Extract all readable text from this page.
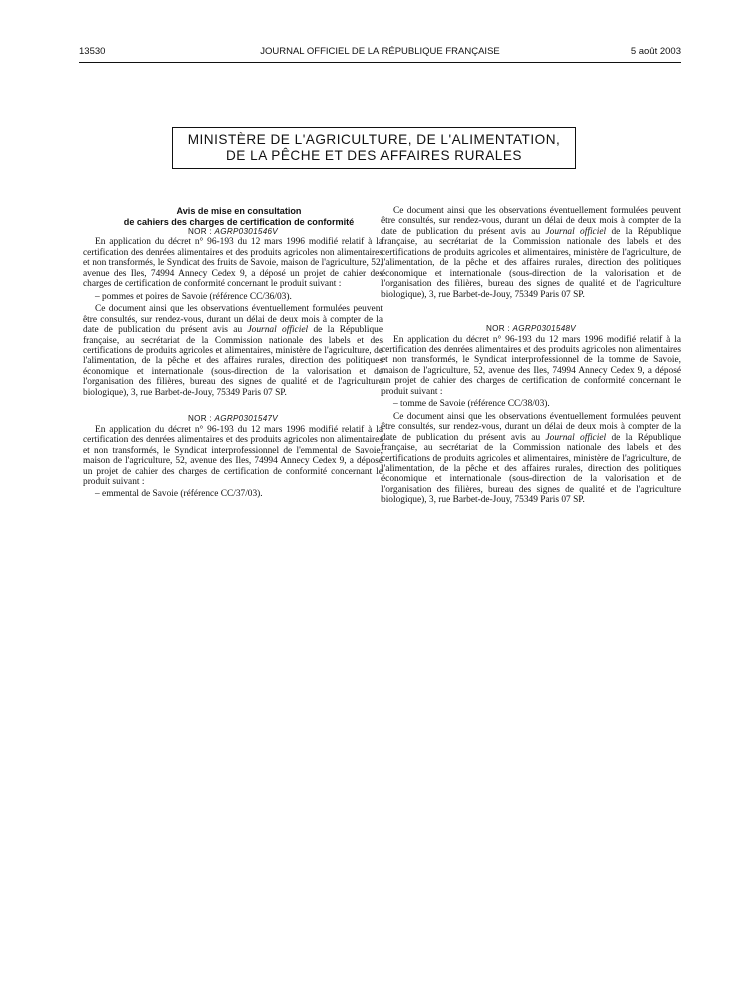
13530	JOURNAL OFFICIEL DE LA RÉPUBLIQUE FRANÇAISE	5 août 2003
MINISTÈRE DE L'AGRICULTURE, DE L'ALIMENTATION,
DE LA PÊCHE ET DES AFFAIRES RURALES

Avis de mise en consultation

de cahiers des charges de certification de conformité

NOR : AGRP0301546V

En application du décret n° 96-193 du 12 mars 1996 modifié relatif à la certification des denrées alimentaires et des produits agricoles non alimentaires et non transformés, le Syndicat des fruits de Savoie, maison de l'agriculture, 52, avenue des Iles, 74994 Annecy Cedex 9, a déposé un projet de cahier des charges de certification de conformité concernant le produit suivant :

– pommes et poires de Savoie (référence CC/36/03).

Ce document ainsi que les observations éventuellement formulées peuvent être consultés, sur rendez-vous, durant un délai de deux mois à compter de la date de publication du présent avis au Journal officiel de la République française, au secrétariat de la Commission nationale des labels et des certifications de produits agricoles et alimentaires, ministère de l'agriculture, de l'alimentation, de la pêche et des affaires rurales, direction des politiques économique et internationale (sous-direction de la valorisation et de l'organisation des filières, bureau des signes de qualité et de l'agriculture biologique), 3, rue Barbet-de-Jouy, 75349 Paris 07 SP.

NOR : AGRP0301547V

En application du décret n° 96-193 du 12 mars 1996 modifié relatif à la certification des denrées alimentaires et des produits agricoles non alimentaires et non transformés, le Syndicat interprofessionnel de l'emmental de Savoie, maison de l'agriculture, 52, avenue des Iles, 74994 Annecy Cedex 9, a déposé un projet de cahier des charges de certification de conformité concernant le produit suivant :

– emmental de Savoie (référence CC/37/03).

Ce document ainsi que les observations éventuellement formulées peuvent être consultés, sur rendez-vous, durant un délai de deux mois à compter de la date de publication du présent avis au Journal officiel de la République française, au secrétariat de la Commission nationale des labels et des certifications de produits agricoles et alimentaires, ministère de l'agriculture, de l'alimentation, de la pêche et des affaires rurales, direction des politiques économique et internationale (sous-direction de la valorisation et de l'organisation des filières, bureau des signes de qualité et de l'agriculture biologique), 3, rue Barbet-de-Jouy, 75349 Paris 07 SP.

NOR : AGRP0301548V

En application du décret n° 96-193 du 12 mars 1996 modifié relatif à la certification des denrées alimentaires et des produits agricoles non alimentaires et non transformés, le Syndicat interprofessionnel de la tomme de Savoie, maison de l'agriculture, 52, avenue des Iles, 74994 Annecy Cedex 9, a déposé un projet de cahier des charges de certification de conformité concernant le produit suivant :

– tomme de Savoie (référence CC/38/03).

Ce document ainsi que les observations éventuellement formulées peuvent être consultés, sur rendez-vous, durant un délai de deux mois à compter de la date de publication du présent avis au Journal officiel de la République française, au secrétariat de la Commission nationale des labels et des certifications de produits agricoles et alimentaires, ministère de l'agriculture, de l'alimentation, de la pêche et des affaires rurales, direction des politiques économique et internationale (sous-direction de la valorisation et de l'organisation des filières, bureau des signes de qualité et de l'agriculture biologique), 3, rue Barbet-de-Jouy, 75349 Paris 07 SP.
